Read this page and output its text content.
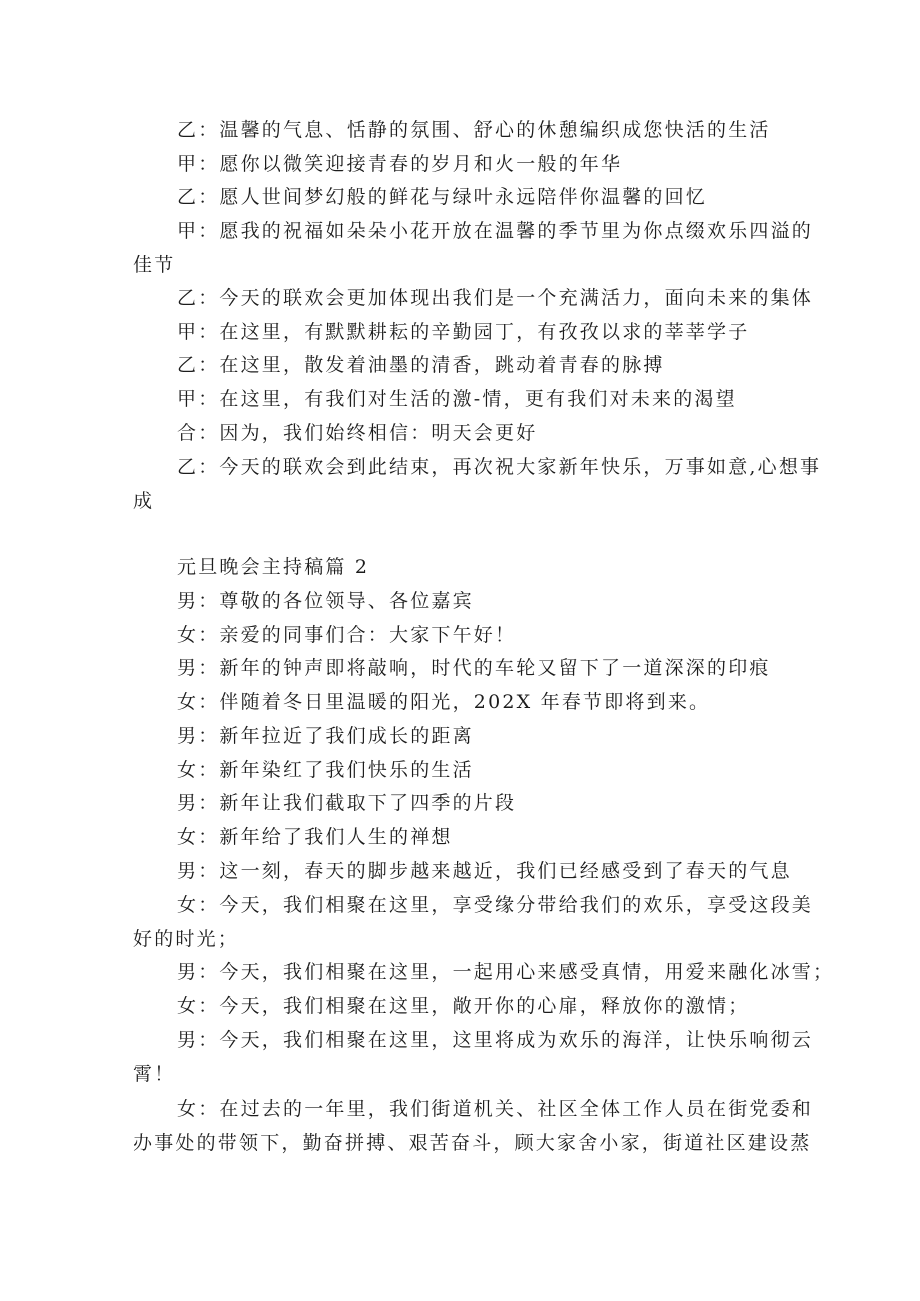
乙：温馨的气息、恬静的氛围、舒心的休憩编织成您快活的生活
甲：愿你以微笑迎接青春的岁月和火一般的年华
乙：愿人世间梦幻般的鲜花与绿叶永远陪伴你温馨的回忆
甲：愿我的祝福如朵朵小花开放在温馨的季节里为你点缀欢乐四溢的
佳节
乙：今天的联欢会更加体现出我们是一个充满活力，面向未来的集体
甲：在这里，有默默耕耘的辛勤园丁，有孜孜以求的莘莘学子
乙：在这里，散发着油墨的清香，跳动着青春的脉搏
甲：在这里，有我们对生活的激-情，更有我们对未来的渴望
合：因为，我们始终相信：明天会更好
乙：今天的联欢会到此结束，再次祝大家新年快乐，万事如意,心想事
成
元旦晚会主持稿篇 2
男：尊敬的各位领导、各位嘉宾
女：亲爱的同事们合：大家下午好！
男：新年的钟声即将敲响，时代的车轮又留下了一道深深的印痕
女：伴随着冬日里温暖的阳光，202X 年春节即将到来。
男：新年拉近了我们成长的距离
女：新年染红了我们快乐的生活
男：新年让我们截取下了四季的片段
女：新年给了我们人生的禅想
男：这一刻，春天的脚步越来越近，我们已经感受到了春天的气息
女：今天，我们相聚在这里，享受缘分带给我们的欢乐，享受这段美
好的时光；
男：今天，我们相聚在这里，一起用心来感受真情，用爱来融化冰雪；
女：今天，我们相聚在这里，敞开你的心扉，释放你的激情；
男：今天，我们相聚在这里，这里将成为欢乐的海洋，让快乐响彻云
霄！
女：在过去的一年里，我们街道机关、社区全体工作人员在街党委和
办事处的带领下，勤奋拼搏、艰苦奋斗，顾大家舍小家，街道社区建设蒸
